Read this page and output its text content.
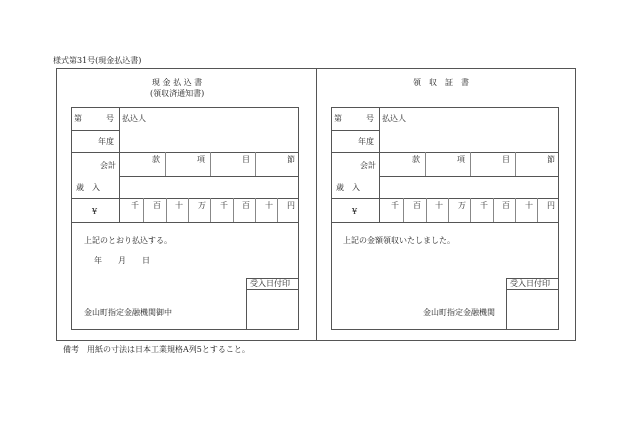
様式第31号(現金払込書)
現 金 払 込 書
(領収済通知書)
第　　　号 払込人
年度
会計
歳　入
款	項	目	節
¥
千 百 十 万 千 百 十 円
上記のとおり払込する。
年　　月　　日
受入日付印
金山町指定金融機関御中
領　収　証　書
第　　　号 払込人
年度
会計
歳　入
款	項	目	節
¥
千 百 十 万 千 百 十 円
上記の金額領収いたしました。
受入日付印
金山町指定金融機関
備考　用紙の寸法は日本工業規格A列5とすること。
